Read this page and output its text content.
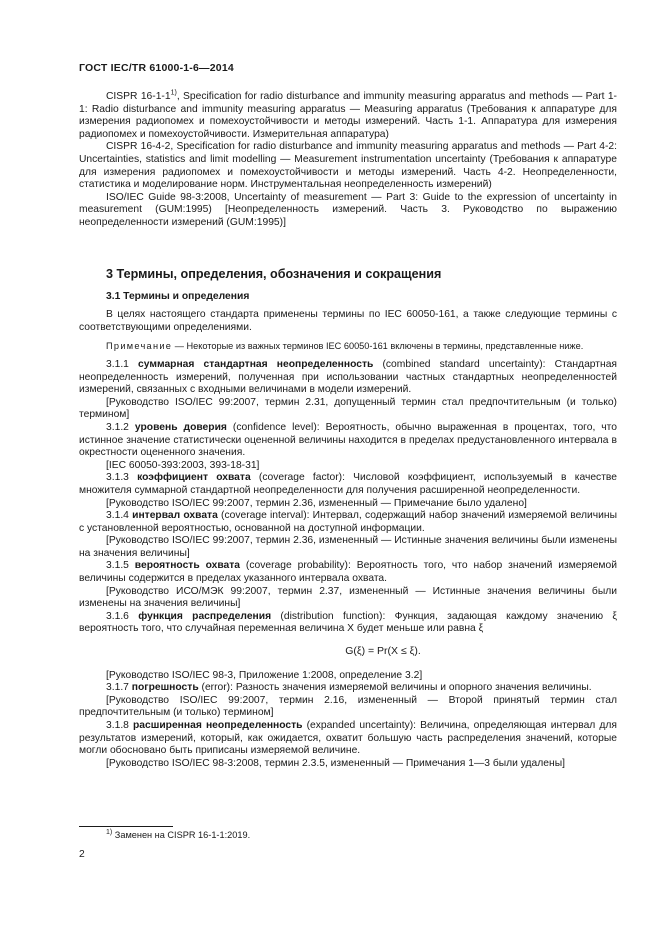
ГОСТ IEC/TR 61000-1-6—2014

CISPR 16-1-1$^{1)}$, Specification for radio disturbance and immunity measuring apparatus and methods — Part 1-1: Radio disturbance and immunity measuring apparatus — Measuring apparatus (Требования к аппаратуре для измерения радиопомех и помехоустойчивости и методы измерений. Часть 1-1. Аппаратура для измерения радиопомех и помехоустойчивости. Измерительная аппаратура)

CISPR 16-4-2, Specification for radio disturbance and immunity measuring apparatus and methods — Part 4-2: Uncertainties, statistics and limit modelling — Measurement instrumentation uncertainty (Требования к аппаратуре для измерения радиопомех и помехоустойчивости и методы измерений. Часть 4-2. Неопределенности, статистика и моделирование норм. Инструментальная неопределенность измерений)

ISO/IEC Guide 98-3:2008, Uncertainty of measurement — Part 3: Guide to the expression of uncertainty in measurement (GUM:1995) [Неопределенность измерений. Часть 3. Руководство по выражению неопределенности измерений (GUM:1995)]

3 Термины, определения, обозначения и сокращения
3.1 Термины и определения

В целях настоящего стандарта применены термины по IEC 60050-161, а также следующие термины с соответствующими определениями.

Примечание — Некоторые из важных терминов IEC 60050-161 включены в термины, представленные ниже.

3.1.1 суммарная стандартная неопределенность (combined standard uncertainty): Стандартная неопределенность измерений, полученная при использовании частных стандартных неопределенностей измерений, связанных с входными величинами в модели измерений.

[Руководство ISO/IEC 99:2007, термин 2.31, допущенный термин стал предпочтительным (и только) термином]

3.1.2 уровень доверия (confidence level): Вероятность, обычно выраженная в процентах, того, что истинное значение статистически оцененной величины находится в пределах предустановленного интервала в окрестности оцененного значения.

[IEC 60050-393:2003, 393-18-31]

3.1.3 коэффициент охвата (coverage factor): Числовой коэффициент, используемый в качестве множителя суммарной стандартной неопределенности для получения расширенной неопределенности.

[Руководство ISO/IEC 99:2007, термин 2.36, измененный — Примечание было удалено]

3.1.4 интервал охвата (coverage interval): Интервал, содержащий набор значений измеряемой величины с установленной вероятностью, основанной на доступной информации.

[Руководство ISO/IEC 99:2007, термин 2.36, измененный — Истинные значения величины были изменены на значения величины]

3.1.5 вероятность охвата (coverage probability): Вероятность того, что набор значений измеряемой величины содержится в пределах указанного интервала охвата.

[Руководство ИСО/МЭК 99:2007, термин 2.37, измененный — Истинные значения величины были изменены на значения величины]

3.1.6 функция распределения (distribution function): Функция, задающая каждому значению ξ вероятность того, что случайная переменная величина X будет меньше или равна ξ

G(ξ) = Pr(X ≤ ξ).

[Руководство ISO/IEC 98-3, Приложение 1:2008, определение 3.2]

3.1.7 погрешность (error): Разность значения измеряемой величины и опорного значения величины.

[Руководство ISO/IEC 99:2007, термин 2.16, измененный — Второй принятый термин стал предпочтительным (и только) термином]

3.1.8 расширенная неопределенность (expanded uncertainty): Величина, определяющая интервал для результатов измерений, который, как ожидается, охватит большую часть распределения значений, которые могли обосновано быть приписаны измеряемой величине.

[Руководство ISO/IEC 98-3:2008, термин 2.3.5, измененный — Примечания 1—3 были удалены]

$^{1)}$ Заменен на CISPR 16-1-1:2019.
2
